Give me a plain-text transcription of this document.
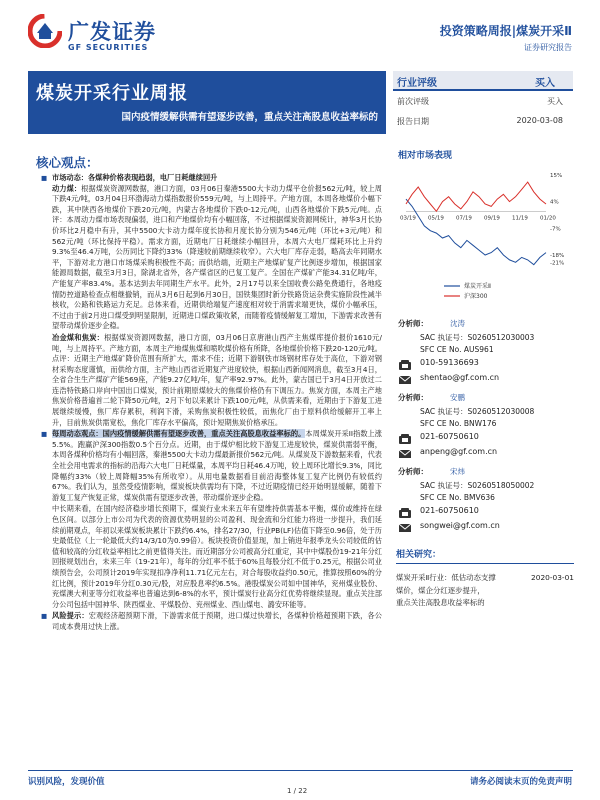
广发证券
GF SECURITIES
投资策略周报|煤炭开采Ⅱ
证券研究报告
煤炭开采行业周报
国内疫情缓解供需有望逐步改善，重点关注高股息收益率标的
行业评级	买入
前次评级	买入
报告日期	2020-03-08
核心观点：

■ 市场动态：各煤种价格表现趋弱，电厂日耗继续回升
动力煤：根据煤炭资源网数据，港口方面，03月06日秦港5500大卡动力煤平仓价报562元/吨，较上周下跌4元/吨，03月04日环渤海动力煤指数报价559元/吨，与上周持平。产地方面，本周各地煤价小幅下跌，其中陕西各地煤价下跌20元/吨，内蒙古各地煤价下跌0-12元/吨，山西各地煤价下跌5元/吨。点评：本周动力煤市场表现偏弱，进口和产地煤价均有小幅回落，不过根据煤炭资源网统计，神华3月长协价环比2月稳中有升，其中5500大卡动力煤年度长协和月度长协分别为546元/吨（环比+3元/吨）和562元/吨（环比保持平稳）。需求方面，近期电厂日耗继续小幅回升，本周六大电厂煤耗环比上升约9.3%至46.4万吨，公历同比下降约33%（降速较前期继续收窄）。六大电厂库存走弱，略高去年同期水平，下游对北方港口市场煤采购积极性不高；而供给端，近期主产地煤矿复产比例逐步增加，根据国家能源局数据，截至3月3日，除湖北省外，各产煤省区的已复工复产。全国在产煤矿产能34.31亿吨/年，产能复产率83.4%。基本达到去年同期生产水平。此外，2月17号以来全国收费公路免费通行，各地疫情防控道路检查点相继撤销，而从3月6日起到6月30日，国铁集团时新分铁路货运杂费实施阶段性减半核收，公路和铁路运力充足。总体来看，近期供给端复产速度相对较于消需求端更快，煤价小幅承压，不过由于前2月进口煤受到明显限制，近期进口煤政策收紧，而随着疫情缓解复工增加，下游需求改善有望带动煤价逐步企稳。

冶金煤和焦炭：根据煤炭资源网数据，港口方面，03月06日京唐港山西产主焦煤库提价报价1610元/吨，与上周持平。产地方面，本周主产地煤焦煤和喷吹煤价格有所降，各地煤价价格下跌20-120元/吨。点评：近期主产地煤矿降价范围有所扩大，需求不佳；近期下游钢铁市场钢材库存处于高位，下游对钢材采购态度谨慎，而供给方面，主产地山西省近期复产进度较快，根据山西新闻网消息，截至3月4日，全省合生生产煤矿产能569座，产能9.27亿吨/年，复产率92.97%。此外，蒙古国已于3月4日开放过二连浩特铁路口岸向中国出口煤炭，预计前期原煤较大的焦煤价格仍有下调压力。焦炭方面，本周主产地焦炭价格普遍首二轮下降50元/吨，2月下旬以来累计下跌100元/吨，从供需来看，近期由于下游复工进展继续缓慢，焦厂库存累积，利润下滑，采购焦炭积极性较低，而焦化厂由于原料供给缓解开工率上升，目前焦炭供需宽松，焦化厂库存水平偏高，预计短期焦炭价格承压。

■ 每周动态观点：国内疫情缓解供需有望逐步改善，重点关注高股息收益率标的。本周煤炭开采II指数上涨5.5%。跑赢沪深300指数0.5个百分点。近期，由于煤炉相比较下游复工进度较快，煤炭供需弱平衡，本周各煤种价格均有小幅回落，秦港5500大卡动力煤最新报价562元/吨。从煤炭及下游数据来看，代表全社会用电需求的指标的沿海六大电厂日耗煤量，本周平均日耗46.4万吨，较上周环比增长9.3%，同比降幅约33%（较上周降幅35%有所收窄）。从用电量数据看目前沿海整体复工复产比例仍有较低约67%。我们认为，虽然受疫情影响，煤炭板块供需均有下降，不过近期疫情已经开始明显缓解，随着下游复工复产恢复正常，煤炭供需有望逐步改善，带动煤价逐步企稳。

中长期来看，在国内经济稳步增长预期下，煤炭行业未来五年有望维持供需基本平衡，煤价或维持在绿色区间。以部分上市公司为代表的资源优势明显的公司盈利、现金流和分红能力将进一步提升，我们延续前期观点，年初以来煤炭板块累计下跌约6.4%，排名27/30，行业PB(LF)估值下降至0.96倍，处于历史最低位（上一轮最低大约14/3/10为0.99倍）。板块投资价值显现，加上销进年报季龙头公司较低的估值和较高的分红收益率相比之前更值得关注。而近期部分公司被高分红重定，其中中煤股份19-21年分红回报规划出台，未来三年（19-21年），每年的分红率不低于60%且每股分红不低于0.25元，根据公司业绩预告会，公司预计2019年实现扣净净利11.71亿元左右，对合每股收益约0.50元，推算按照60%的分红比例，预计2019年分红0.30元/股，对应股息率约6.5%。港股煤炭公司如中国神华，兖州煤业股份、兖煤澳大利亚等分红收益率也普遍达到6-8%的水平，预计煤炭行业高分红优势将继续显现。重点关注部分公司包括中国神华、陕西煤业、平煤股份、兖州煤业、西山煤电、潞安环能等。

■ 风险提示：宏观经济超预期下滑，下游需求低于预期，进口煤过快增长，各煤种价格超预期下跌，各公司成本费用过快上涨。

相对市场表现
15%
4%
-7%
-18%
-21%
03/19 05/19 07/19 09/19 11/19 01/20
煤炭开采Ⅱ
沪深300
分析师：	沈涛
SAC 执证号：S0260512030003
SFC CE No. AUS961
010-59136693
shentao@gf.com.cn
分析师：	安鹏
SAC 执证号：S0260512030008
SFC CE No. BNW176
021-60750610
anpeng@gf.com.cn
分析师：	宋炜
SAC 执证号：S0260518050002
SFC CE No. BMV636
021-60750610
songwei@gf.com.cn
相关研究：
煤炭开采Ⅱ行业：低估动态支撑	2020-03-01
煤价，煤企分红逐步提升，
重点关注高股息收益率标的
识别风险，发现价值	请务必阅读末页的免责声明
1 / 22
